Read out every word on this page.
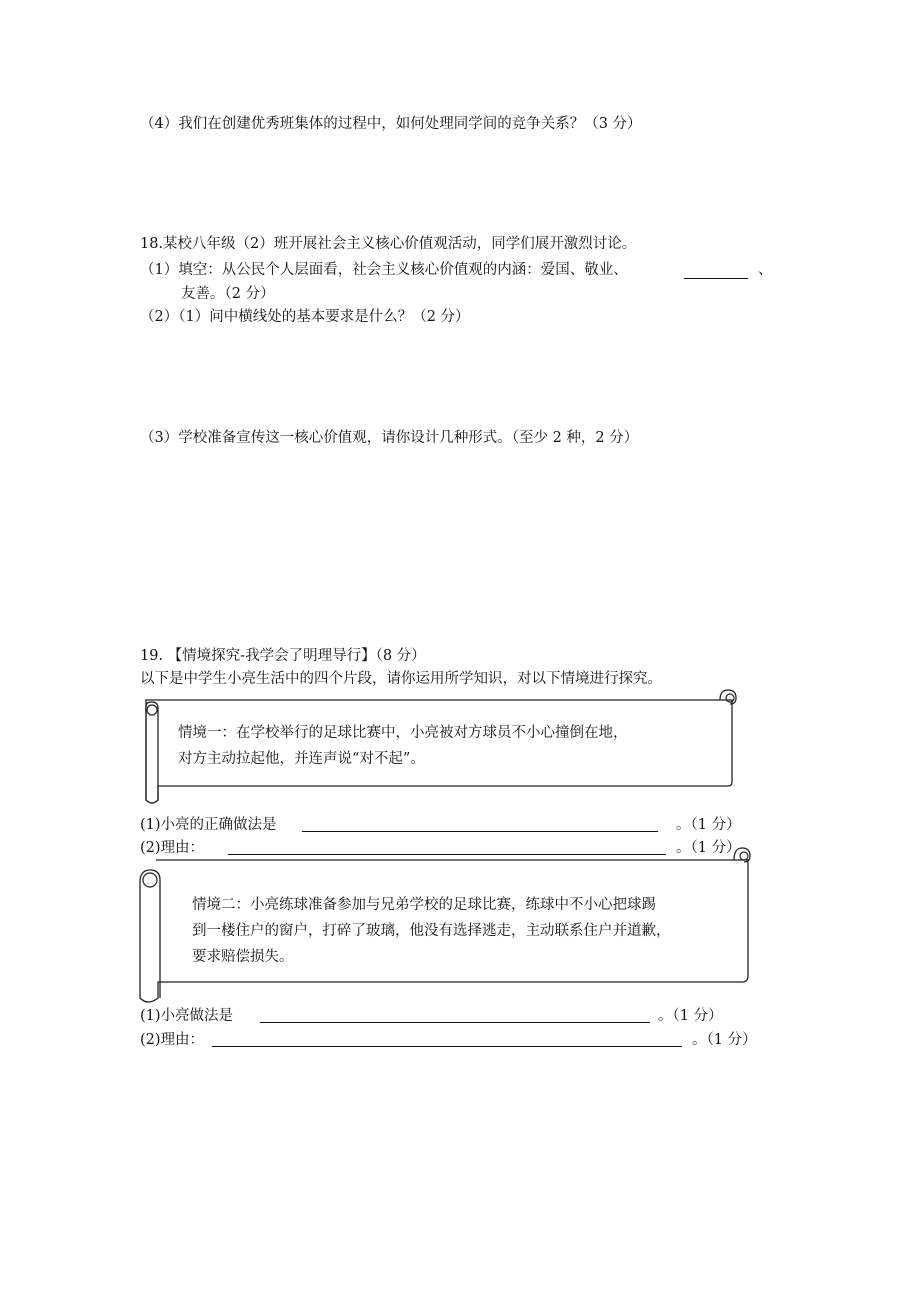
（4）我们在创建优秀班集体的过程中，如何处理同学间的竞争关系？（3 分）
18.某校八年级（2）班开展社会主义核心价值观活动，同学们展开激烈讨论。
（1）填空：从公民个人层面看，社会主义核心价值观的内涵：爱国、敬业、	、
友善。（2 分）
（2）（1）问中横线处的基本要求是什么？（2 分）
（3）学校准备宣传这一核心价值观，请你设计几种形式。（至少 2 种，2 分）
19. 【情境探究-我学会了明理导行】（8 分）
以下是中学生小亮生活中的四个片段，请你运用所学知识，对以下情境进行探究。
情境一：在学校举行的足球比赛中，小亮被对方球员不小心撞倒在地，
对方主动拉起他，并连声说“对不起”。
(1)小亮的正确做法是	。（1 分）
(2)理由：	。（1 分）
情境二：小亮练球准备参加与兄弟学校的足球比赛，练球中不小心把球踢
到一楼住户的窗户，打碎了玻璃，他没有选择逃走，主动联系住户并道歉，
要求赔偿损失。
(1)小亮做法是	。（1 分）
(2)理由：	。（1 分）
